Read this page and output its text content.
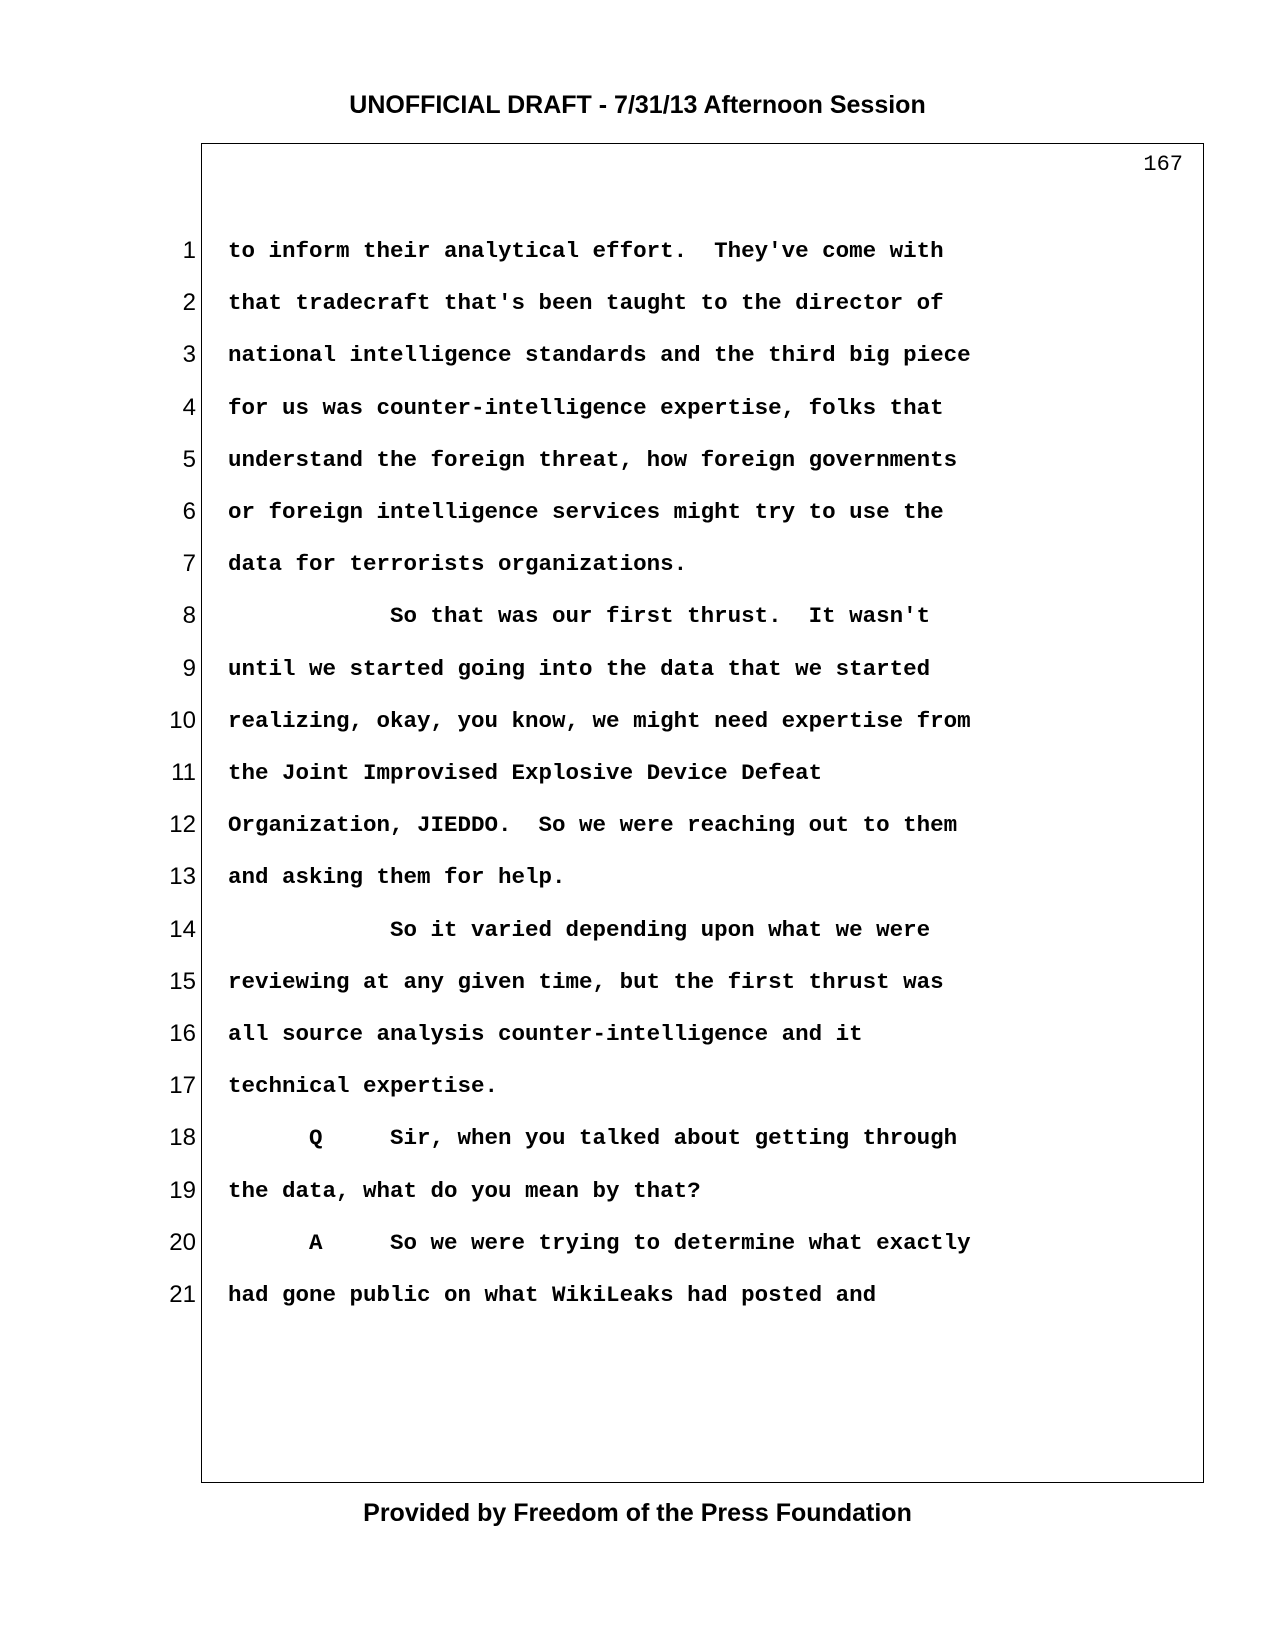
UNOFFICIAL DRAFT - 7/31/13 Afternoon Session
167
1
2
3
4
5
6
7
8
9
10
11
12
13
14
15
16
17
18
19
20
21
to inform their analytical effort.  They've come with
that tradecraft that's been taught to the director of
national intelligence standards and the third big piece
for us was counter-intelligence expertise, folks that
understand the foreign threat, how foreign governments
or foreign intelligence services might try to use the
data for terrorists organizations.
So that was our first thrust.  It wasn't
until we started going into the data that we started
realizing, okay, you know, we might need expertise from
the Joint Improvised Explosive Device Defeat
Organization, JIEDDO.  So we were reaching out to them
and asking them for help.
So it varied depending upon what we were
reviewing at any given time, but the first thrust was
all source analysis counter-intelligence and it
technical expertise.
Q     Sir, when you talked about getting through
the data, what do you mean by that?
A     So we were trying to determine what exactly
had gone public on what WikiLeaks had posted and
Provided by Freedom of the Press Foundation
